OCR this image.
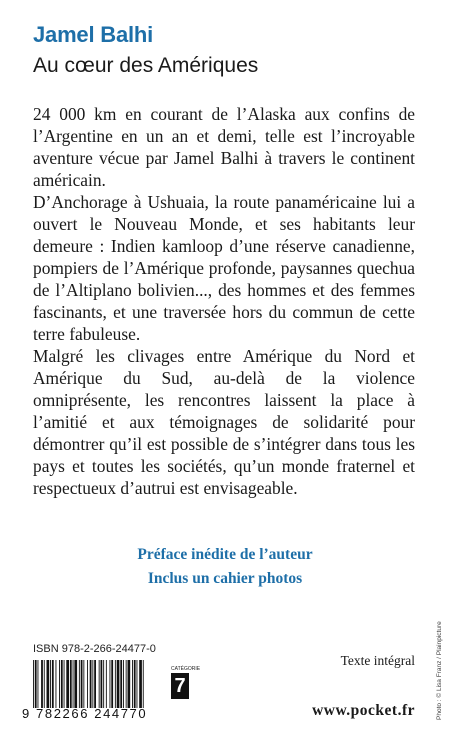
Jamel Balhi
Au cœur des Amériques

24 000 km en courant de l’Alaska aux confins de l’Argentine en un an et demi, telle est l’incroyable aventure vécue par Jamel Balhi à travers le continent américain.

D’Anchorage à Ushuaia, la route panaméricaine lui a ouvert le Nouveau Monde, et ses habitants leur demeure : Indien kamloop d’une réserve canadienne, pompiers de l’Amérique profonde, paysannes quechua de l’Altiplano bolivien..., des hommes et des femmes fascinants, et une traversée hors du commun de cette terre fabuleuse.

Malgré les clivages entre Amérique du Nord et Amérique du Sud, au-delà de la violence omniprésente, les rencontres laissent la place à l’amitié et aux témoignages de solidarité pour démontrer qu’il est possible de s’intégrer dans tous les pays et toutes les sociétés, qu’un monde fraternel et respectueux d’autrui est envisageable.

Préface inédite de l’auteur
Inclus un cahier photos
ISBN 978-2-266-24477-0
9 782266 244770
CATÉGORIE
7
Texte intégral
www.pocket.fr	Photo : © Lisa Franz / Plainpicture
